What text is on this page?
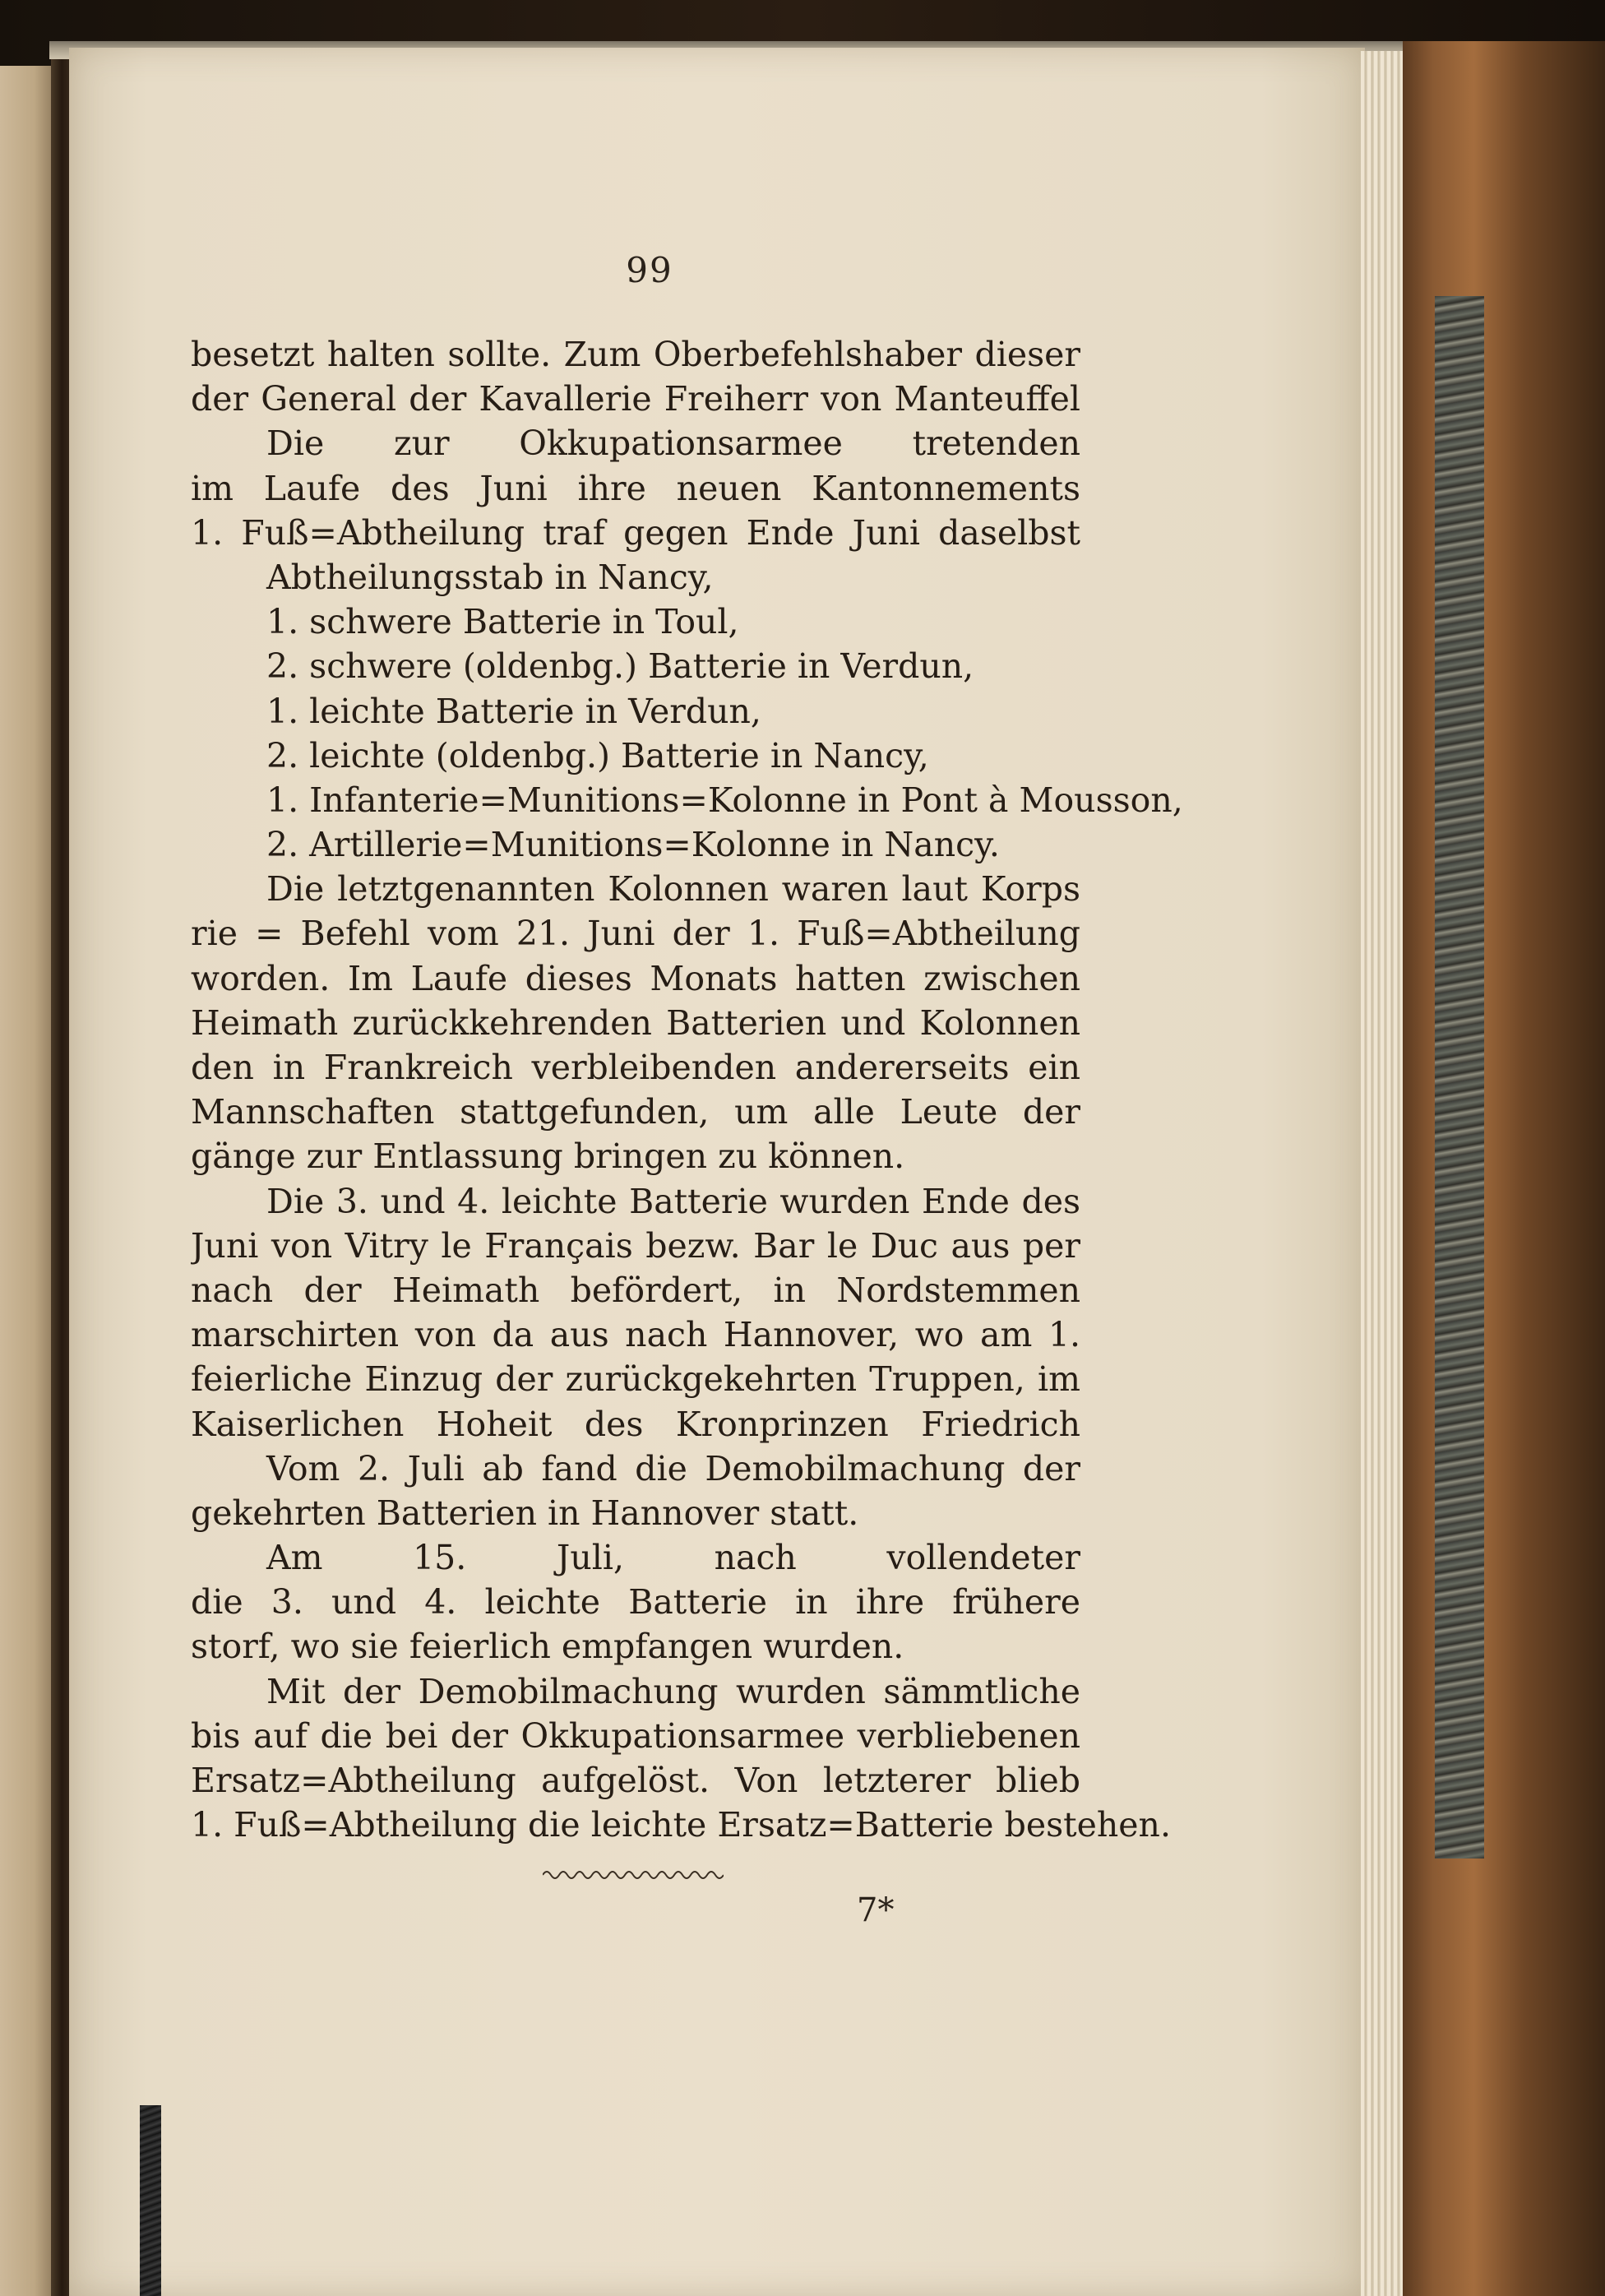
99
besetzt halten sollte. Zum Oberbefehlshaber dieser
der General der Kavallerie Freiherr von Manteuffel
Die zur Okkupationsarmee tretenden
im Laufe des Juni ihre neuen Kantonnements
1. Fuß=Abtheilung traf gegen Ende Juni daselbst
Abtheilungsstab in Nancy,
1. schwere Batterie in Toul,
2. schwere (oldenbg.) Batterie in Verdun,
1. leichte Batterie in Verdun,
2. leichte (oldenbg.) Batterie in Nancy,
1. Infanterie=Munitions=Kolonne in Pont à Mousson,
2. Artillerie=Munitions=Kolonne in Nancy.
Die letztgenannten Kolonnen waren laut Korps
rie = Befehl vom 21. Juni der 1. Fuß=Abtheilung
worden. Im Laufe dieses Monats hatten zwischen
Heimath zurückkehrenden Batterien und Kolonnen
den in Frankreich verbleibenden andererseits ein
Mannschaften stattgefunden, um alle Leute der
gänge zur Entlassung bringen zu können.
Die 3. und 4. leichte Batterie wurden Ende des
Juni von Vitry le Français bezw. Bar le Duc aus per
nach der Heimath befördert, in Nordstemmen
marschirten von da aus nach Hannover, wo am 1.
feierliche Einzug der zurückgekehrten Truppen, im
Kaiserlichen Hoheit des Kronprinzen Friedrich
Vom 2. Juli ab fand die Demobilmachung der
gekehrten Batterien in Hannover statt.
Am 15. Juli, nach vollendeter
die 3. und 4. leichte Batterie in ihre frühere
storf, wo sie feierlich empfangen wurden.
Mit der Demobilmachung wurden sämmtliche
bis auf die bei der Okkupationsarmee verbliebenen
Ersatz=Abtheilung aufgelöst. Von letzterer blieb
1. Fuß=Abtheilung die leichte Ersatz=Batterie bestehen.
7*
